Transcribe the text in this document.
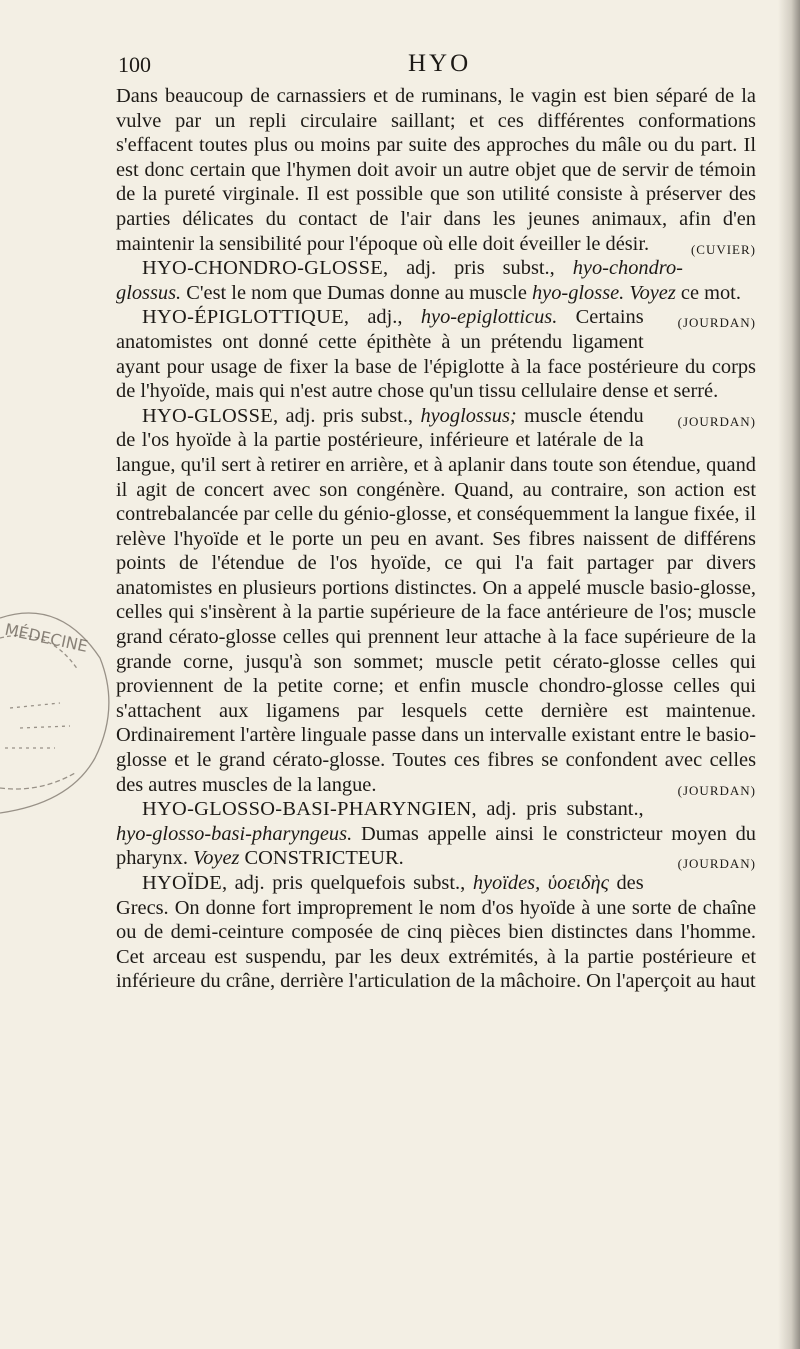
100	HYO
MÉDECINE

Dans beaucoup de carnassiers et de ruminans, le vagin est bien séparé de la vulve par un repli circulaire saillant; et ces différentes conformations s'effacent toutes plus ou moins par suite des approches du mâle ou du part. Il est donc certain que l'hymen doit avoir un autre objet que de servir de témoin de la pureté virginale. Il est possible que son utilité consiste à préserver des parties délicates du contact de l'air dans les jeunes animaux, afin d'en maintenir la sensibilité pour l'époque où elle doit éveiller le désir.	(CUVIER)

HYO-CHONDRO-GLOSSE, adj. pris subst., hyo-chondro-glossus. C'est le nom que Dumas donne au muscle hyo-glosse. Voyez ce mot.
(JOURDAN)

HYO-ÉPIGLOTTIQUE, adj., hyo-epiglotticus. Certains anatomistes ont donné cette épithète à un prétendu ligament ayant pour usage de fixer la base de l'épiglotte à la face postérieure du corps de l'hyoïde, mais qui n'est autre chose qu'un tissu cellulaire dense et serré.
(JOURDAN)

HYO-GLOSSE, adj. pris subst., hyoglossus; muscle étendu de l'os hyoïde à la partie postérieure, inférieure et latérale de la langue, qu'il sert à retirer en arrière, et à aplanir dans toute son étendue, quand il agit de concert avec son congénère. Quand, au contraire, son action est contrebalancée par celle du génio-glosse, et conséquemment la langue fixée, il relève l'hyoïde et le porte un peu en avant. Ses fibres naissent de différens points de l'étendue de l'os hyoïde, ce qui l'a fait partager par divers anatomistes en plusieurs portions distinctes. On a appelé muscle basio-glosse, celles qui s'insèrent à la partie supérieure de la face antérieure de l'os; muscle grand cérato-glosse celles qui prennent leur attache à la face supérieure de la grande corne, jusqu'à son sommet; muscle petit cérato-glosse celles qui proviennent de la petite corne; et enfin muscle chondro-glosse celles qui s'attachent aux ligamens par lesquels cette dernière est maintenue. Ordinairement l'artère linguale passe dans un intervalle existant entre le basio-glosse et le grand cérato-glosse. Toutes ces fibres se confondent avec celles des autres muscles de la langue.	(JOURDAN)

HYO-GLOSSO-BASI-PHARYNGIEN, adj. pris substant., hyo-glosso-basi-pharyngeus. Dumas appelle ainsi le constricteur moyen du pharynx. Voyez CONSTRICTEUR.	(JOURDAN)

HYOÏDE, adj. pris quelquefois subst., hyoïdes, ὑοειδὴς des Grecs. On donne fort improprement le nom d'os hyoïde à une sorte de chaîne ou de demi-ceinture composée de cinq pièces bien distinctes dans l'homme. Cet arceau est suspendu, par les deux extrémités, à la partie postérieure et inférieure du crâne, derrière l'articulation de la mâchoire. On l'aperçoit au haut
